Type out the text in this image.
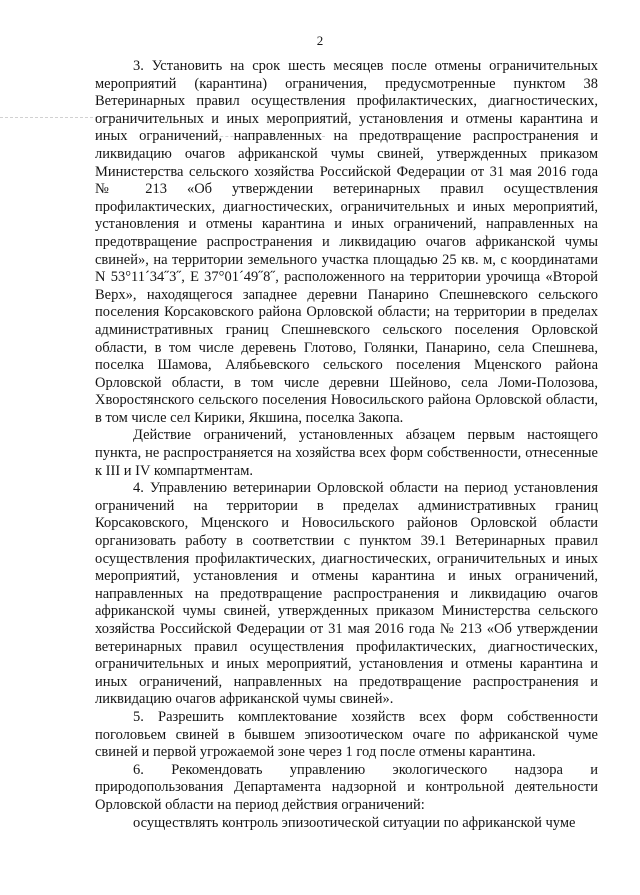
2

3. Установить на срок шесть месяцев после отмены ограничительных мероприятий (карантина) ограничения, предусмотренные пунктом 38 Ветеринарных правил осуществления профилактических, диагностических, ограничительных и иных мероприятий, установления и отмены карантина и иных ограничений, направленных на предотвращение распространения и ликвидацию очагов африканской чумы свиней, утвержденных приказом Министерства сельского хозяйства Российской Федерации от 31 мая 2016 года № 213 «Об утверждении ветеринарных правил осуществления профилактических, диагностических, ограничительных и иных мероприятий, установления и отмены карантина и иных ограничений, направленных на предотвращение распространения и ликвидацию очагов африканской чумы свиней», на территории земельного участка площадью 25 кв. м, с координатами N 53°11´34˝3˝, E 37°01´49˝8˝, расположенного на территории урочища «Второй Верх», находящегося западнее деревни Панарино Спешневского сельского поселения Корсаковского района Орловской области; на территории в пределах административных границ Спешневского сельского поселения Орловской области, в том числе деревень Глотово, Голянки, Панарино, села Спешнева, поселка Шамова, Алябьевского сельского поселения Мценского района Орловской области, в том числе деревни Шейново, села Ломи-Полозова, Хворостянского сельского поселения Новосильского района Орловской области, в том числе сел Кирики, Якшина, поселка Закопа.

Действие ограничений, установленных абзацем первым настоящего пункта, не распространяется на хозяйства всех форм собственности, отнесенные к III и IV компартментам.

4. Управлению ветеринарии Орловской области на период установления ограничений на территории в пределах административных границ Корсаковского, Мценского и Новосильского районов Орловской области организовать работу в соответствии с пунктом 39.1 Ветеринарных правил осуществления профилактических, диагностических, ограничительных и иных мероприятий, установления и отмены карантина и иных ограничений, направленных на предотвращение распространения и ликвидацию очагов африканской чумы свиней, утвержденных приказом Министерства сельского хозяйства Российской Федерации от 31 мая 2016 года № 213 «Об утверждении ветеринарных правил осуществления профилактических, диагностических, ограничительных и иных мероприятий, установления и отмены карантина и иных ограничений, направленных на предотвращение распространения и ликвидацию очагов африканской чумы свиней».

5. Разрешить комплектование хозяйств всех форм собственности поголовьем свиней в бывшем эпизоотическом очаге по африканской чуме свиней и первой угрожаемой зоне через 1 год после отмены карантина.

6. Рекомендовать управлению экологического надзора и природопользования Департамента надзорной и контрольной деятельности Орловской области на период действия ограничений:

осуществлять контроль эпизоотической ситуации по африканской чуме
